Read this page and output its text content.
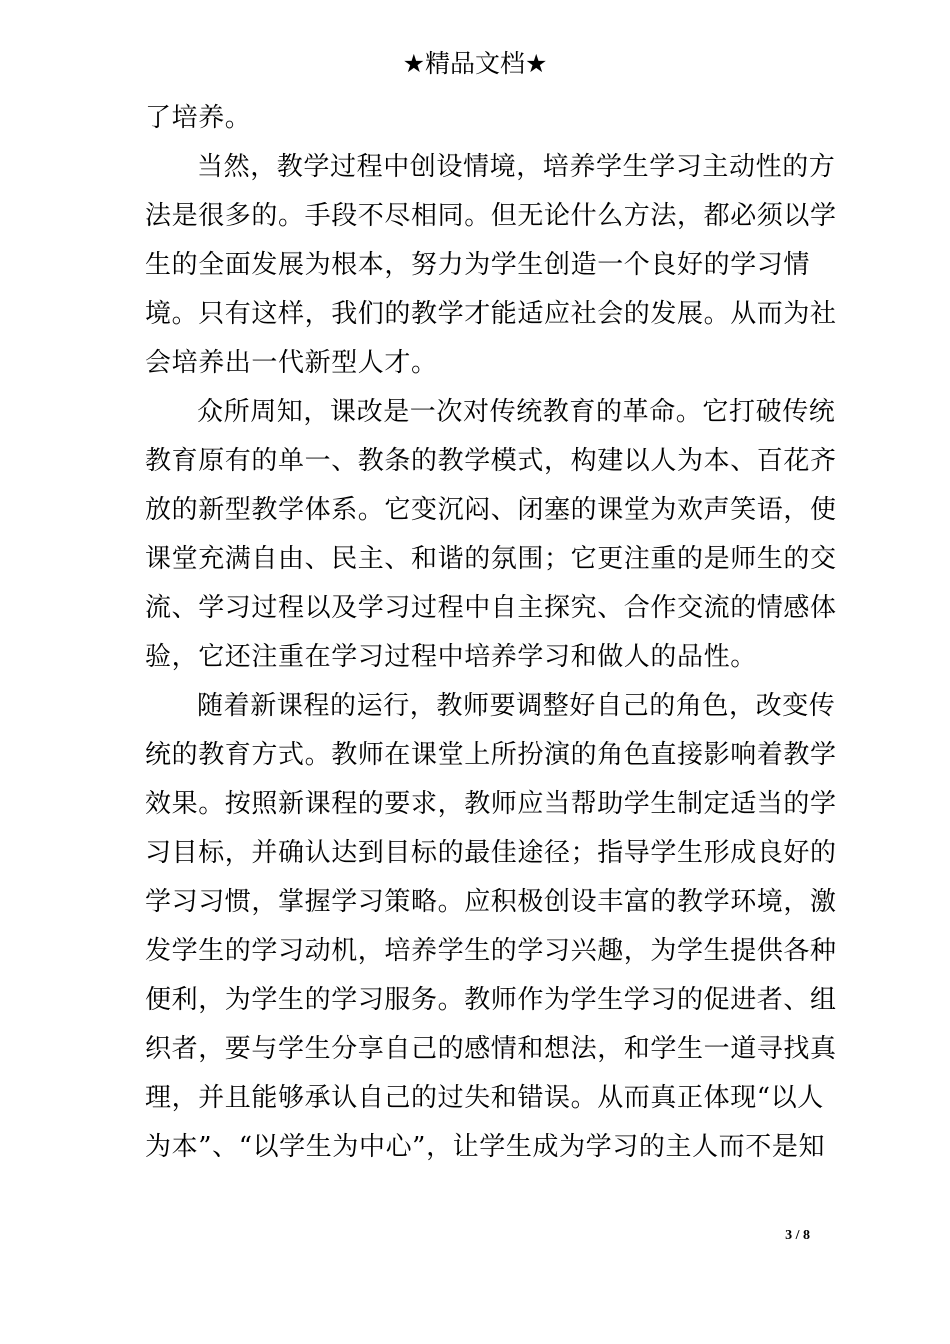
★精品文档★
了培养。
当然，教学过程中创设情境，培养学生学习主动性的方
法是很多的。手段不尽相同。但无论什么方法，都必须以学
生的全面发展为根本，努力为学生创造一个良好的学习情
境。只有这样，我们的教学才能适应社会的发展。从而为社
会培养出一代新型人才。
众所周知，课改是一次对传统教育的革命。它打破传统
教育原有的单一、教条的教学模式，构建以人为本、百花齐
放的新型教学体系。它变沉闷、闭塞的课堂为欢声笑语，使
课堂充满自由、民主、和谐的氛围；它更注重的是师生的交
流、学习过程以及学习过程中自主探究、合作交流的情感体
验，它还注重在学习过程中培养学习和做人的品性。
随着新课程的运行，教师要调整好自己的角色，改变传
统的教育方式。教师在课堂上所扮演的角色直接影响着教学
效果。按照新课程的要求，教师应当帮助学生制定适当的学
习目标，并确认达到目标的最佳途径；指导学生形成良好的
学习习惯，掌握学习策略。应积极创设丰富的教学环境，激
发学生的学习动机，培养学生的学习兴趣，为学生提供各种
便利，为学生的学习服务。教师作为学生学习的促进者、组
织者，要与学生分享自己的感情和想法，和学生一道寻找真
理，并且能够承认自己的过失和错误。从而真正体现“以人
为本”、“以学生为中心”，让学生成为学习的主人而不是知
3 / 8
